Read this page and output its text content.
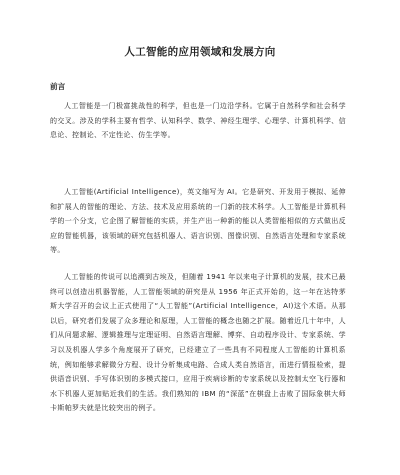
人工智能的应用领域和发展方向
前言

人工智能是一门极富挑战性的科学，但也是一门边沿学科。它属于自然科学和社会科学的交叉。涉及的学科主要有哲学、认知科学、数学、神经生理学、心理学、计算机科学、信息论、控制论、不定性论、仿生学等。

人工智能(Artificial Intelligence)，英文缩写为 AI。它是研究、开发用于模拟、延伸和扩展人的智能的理论、方法、技术及应用系统的一门新的技术科学。人工智能是计算机科学的一个分支，它企图了解智能的实质，并生产出一种新的能以人类智能相似的方式做出反应的智能机器，该领域的研究包括机器人、语言识别、图像识别、自然语言处理和专家系统等。

人工智能的传说可以追溯到古埃及，但随着 1941 年以来电子计算机的发展，技术已最终可以创造出机器智能，人工智能领域的研究是从 1956 年正式开始的，这一年在达特茅斯大学召开的会议上正式使用了“人工智能”(Artificial Intelligence，AI)这个术语。从那以后，研究者们发展了众多理论和原理，人工智能的概念也随之扩展。随着近几十年中，人们从问题求解、逻辑推理与定理证明、自然语言理解、博弈、自动程序设计、专家系统、学习以及机器人学多个角度展开了研究，已经建立了一些具有不同程度人工智能的计算机系统，例如能够求解微分方程、设计分析集成电路、合成人类自然语言，而进行情报检索，提供语音识别、手写体识别的多模式接口，应用于疾病诊断的专家系统以及控制太空飞行器和水下机器人更加贴近我们的生活。我们熟知的 IBM 的“深蓝”在棋盘上击败了国际象棋大师卡斯帕罗夫就是比较突出的例子。
